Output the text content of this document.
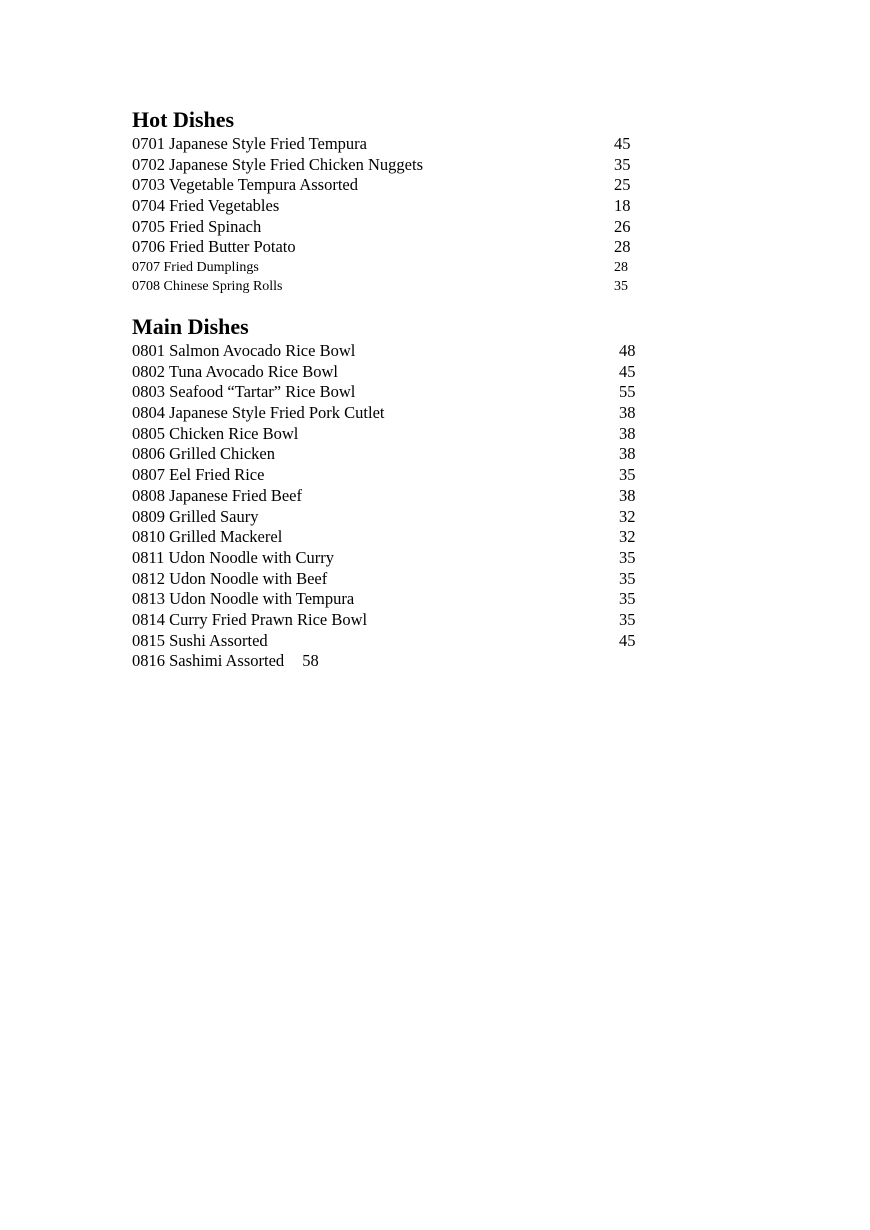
Hot Dishes
0701 Japanese Style Fried Tempura	45
0702 Japanese Style Fried Chicken Nuggets	35
0703 Vegetable Tempura Assorted	25
0704 Fried Vegetables	18
0705 Fried Spinach	26
0706 Fried Butter Potato	28
0707 Fried Dumplings	28
0708 Chinese Spring Rolls	35
Main Dishes
0801 Salmon Avocado Rice Bowl	48
0802 Tuna Avocado Rice Bowl	45
0803 Seafood “Tartar” Rice Bowl	55
0804 Japanese Style Fried Pork Cutlet	38
0805 Chicken Rice Bowl	38
0806 Grilled Chicken	38
0807 Eel Fried Rice	35
0808 Japanese Fried Beef	38
0809 Grilled Saury	32
0810 Grilled Mackerel	32
0811 Udon Noodle with Curry	35
0812 Udon Noodle with Beef	35
0813 Udon Noodle with Tempura	35
0814 Curry Fried Prawn Rice Bowl	35
0815 Sushi Assorted	45
0816 Sashimi Assorted 58
